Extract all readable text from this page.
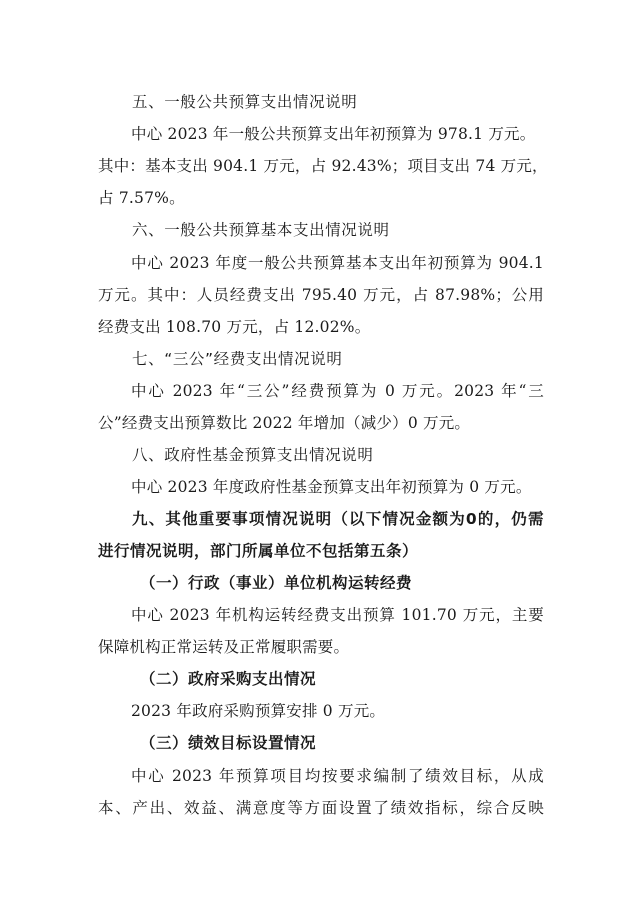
五、一般公共预算支出情况说明
中心 2023 年一般公共预算支出年初预算为 978.1 万元。
其中：基本支出 904.1 万元，占 92.43%；项目支出 74 万元，
占 7.57%。
六、一般公共预算基本支出情况说明
中心 2023 年度一般公共预算基本支出年初预算为 904.1
万元。其中：人员经费支出 795.40 万元，占 87.98%；公用
经费支出 108.70 万元，占 12.02%。
七、“三公”经费支出情况说明
中心 2023 年“三公”经费预算为 0 万元。2023 年“三
公”经费支出预算数比 2022 年增加（减少）0 万元。
八、政府性基金预算支出情况说明
中心 2023 年度政府性基金预算支出年初预算为 0 万元。
九、其他重要事项情况说明（以下情况金额为0的，仍需
进行情况说明，部门所属单位不包括第五条）
（一）行政（事业）单位机构运转经费
中心 2023 年机构运转经费支出预算 101.70 万元，主要
保障机构正常运转及正常履职需要。
（二）政府采购支出情况
2023 年政府采购预算安排 0 万元。
（三）绩效目标设置情况
中心 2023 年预算项目均按要求编制了绩效目标，从成
本、产出、效益、满意度等方面设置了绩效指标，综合反映
